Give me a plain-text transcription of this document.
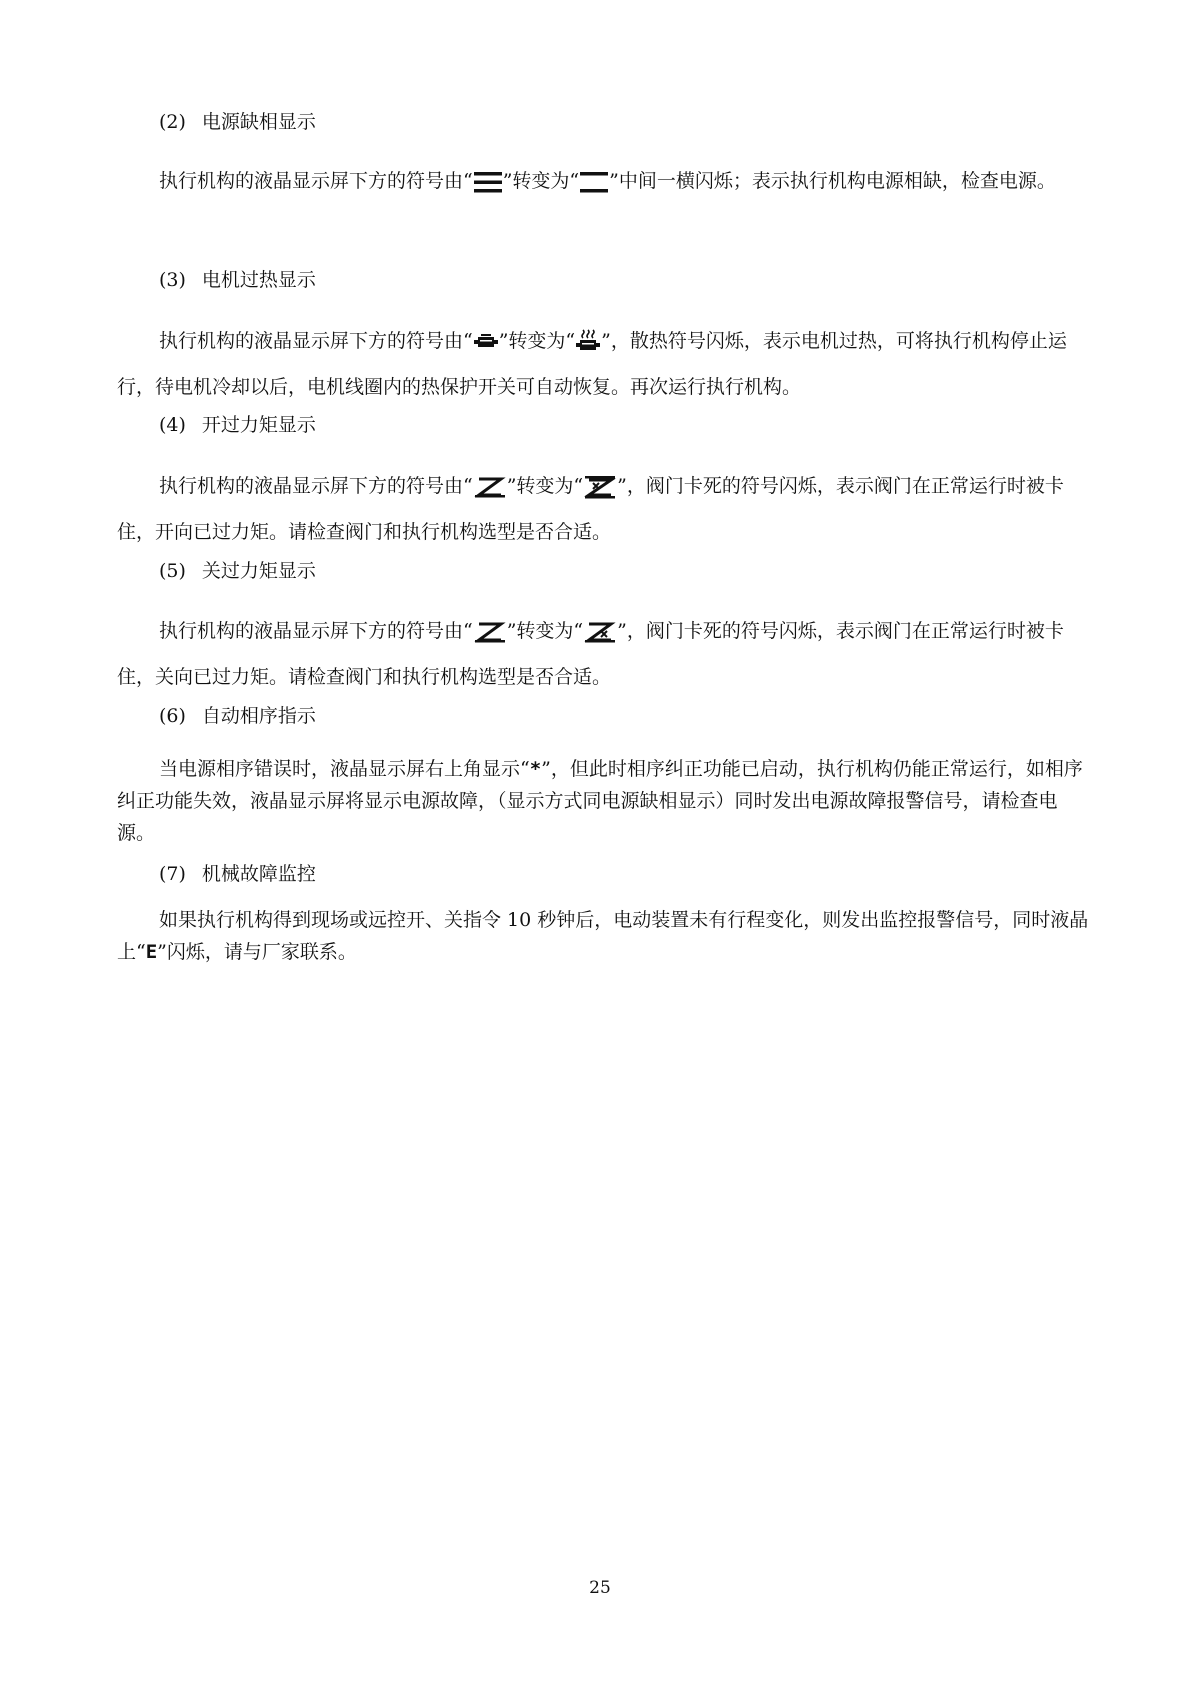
(2) 电源缺相显示

执行机构的液晶显示屏下方的符号由“ ”转变为“ ”中间一横闪烁；表示执行机构电源相缺，检查电源。

(3) 电机过热显示

执行机构的液晶显示屏下方的符号由“ ”转变为“ ”，散热符号闪烁，表示电机过热，可将执行机构停止运行，待电机冷却以后，电机线圈内的热保护开关可自动恢复。再次运行执行机构。

(4) 开过力矩显示

执行机构的液晶显示屏下方的符号由“ ”转变为“ ”，阀门卡死的符号闪烁，表示阀门在正常运行时被卡住，开向已过力矩。请检查阀门和执行机构选型是否合适。

(5) 关过力矩显示

执行机构的液晶显示屏下方的符号由“ ”转变为“ ”，阀门卡死的符号闪烁，表示阀门在正常运行时被卡住，关向已过力矩。请检查阀门和执行机构选型是否合适。

(6) 自动相序指示

当电源相序错误时，液晶显示屏右上角显示“*”，但此时相序纠正功能已启动，执行机构仍能正常运行，如相序纠正功能失效，液晶显示屏将显示电源故障，（显示方式同电源缺相显示）同时发出电源故障报警信号，请检查电源。

(7) 机械故障监控

如果执行机构得到现场或远控开、关指令 10 秒钟后，电动装置未有行程变化，则发出监控报警信号，同时液晶上“E”闪烁，请与厂家联系。

25
